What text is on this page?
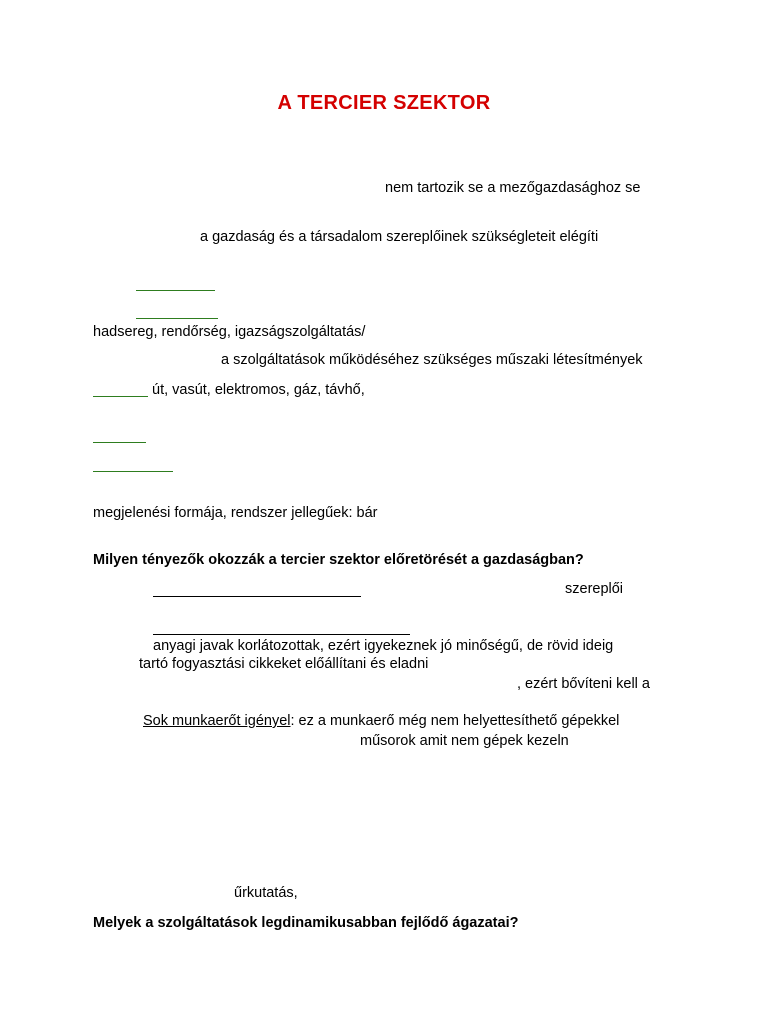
A TERCIER SZEKTOR
nem tartozik se a mezőgazdasághoz se
a gazdaság és a társadalom szereplőinek szükségleteit elégíti
hadsereg, rendőrség, igazságszolgáltatás/
a szolgáltatások működéséhez szükséges műszaki létesítmények
út, vasút, elektromos, gáz, távhő,
megjelenési formája, rendszer jellegűek: bár
Milyen tényezők okozzák a tercier szektor előretörését a gazdaságban?
szereplői
anyagi javak korlátozottak, ezért igyekeznek jó minőségű, de rövid ideig
tartó fogyasztási cikkeket előállítani és eladni
, ezért bővíteni kell a
Sok munkaerőt igényel: ez a munkaerő még nem helyettesíthető gépekkel
műsorok amit nem gépek kezeln
űrkutatás,
Melyek a szolgáltatások legdinamikusabban fejlődő ágazatai?
